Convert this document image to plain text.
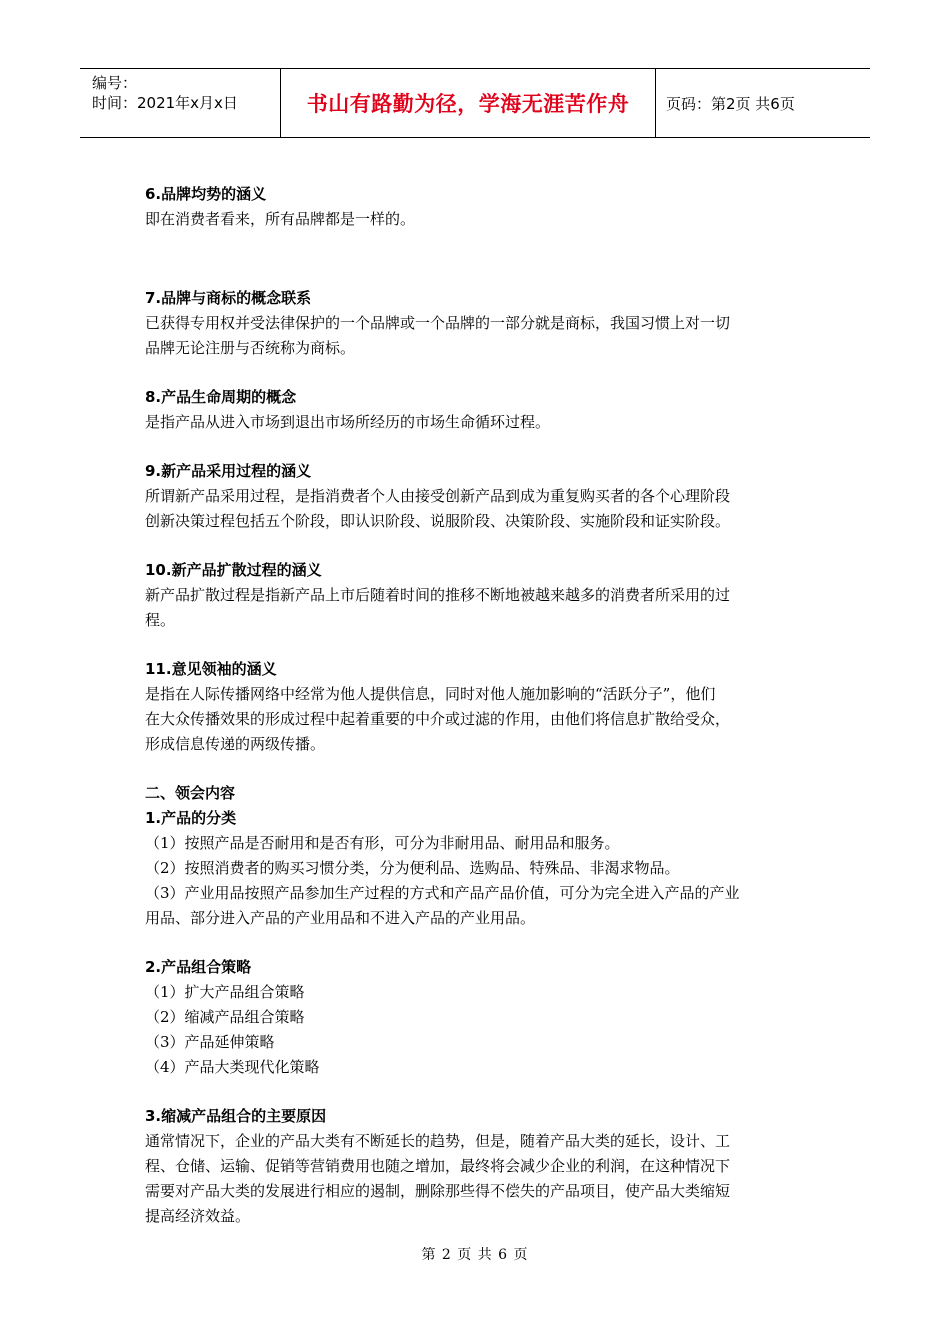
编号：
时间：2021年x月x日	书山有路勤为径，学海无涯苦作舟	页码：第2页 共6页

6.品牌均势的涵义

即在消费者看来，所有品牌都是一样的。

7.品牌与商标的概念联系

已获得专用权并受法律保护的一个品牌或一个品牌的一部分就是商标，我国习惯上对一切

品牌无论注册与否统称为商标。

8.产品生命周期的概念

是指产品从进入市场到退出市场所经历的市场生命循环过程。

9.新产品采用过程的涵义

所谓新产品采用过程，是指消费者个人由接受创新产品到成为重复购买者的各个心理阶段

创新决策过程包括五个阶段，即认识阶段、说服阶段、决策阶段、实施阶段和证实阶段。

10.新产品扩散过程的涵义

新产品扩散过程是指新产品上市后随着时间的推移不断地被越来越多的消费者所采用的过

程。

11.意见领袖的涵义

是指在人际传播网络中经常为他人提供信息，同时对他人施加影响的“活跃分子”，他们

在大众传播效果的形成过程中起着重要的中介或过滤的作用，由他们将信息扩散给受众，

形成信息传递的两级传播。

二、领会内容
1.产品的分类

（1）按照产品是否耐用和是否有形，可分为非耐用品、耐用品和服务。

（2）按照消费者的购买习惯分类，分为便利品、选购品、特殊品、非渴求物品。

（3）产业用品按照产品参加生产过程的方式和产品产品价值，可分为完全进入产品的产业

用品、部分进入产品的产业用品和不进入产品的产业用品。

2.产品组合策略

（1）扩大产品组合策略

（2）缩减产品组合策略

（3）产品延伸策略

（4）产品大类现代化策略

3.缩减产品组合的主要原因

通常情况下，企业的产品大类有不断延长的趋势，但是，随着产品大类的延长，设计、工

程、仓储、运输、促销等营销费用也随之增加，最终将会减少企业的利润，在这种情况下

需要对产品大类的发展进行相应的遏制，删除那些得不偿失的产品项目，使产品大类缩短

提高经济效益。

第 2 页 共 6 页
